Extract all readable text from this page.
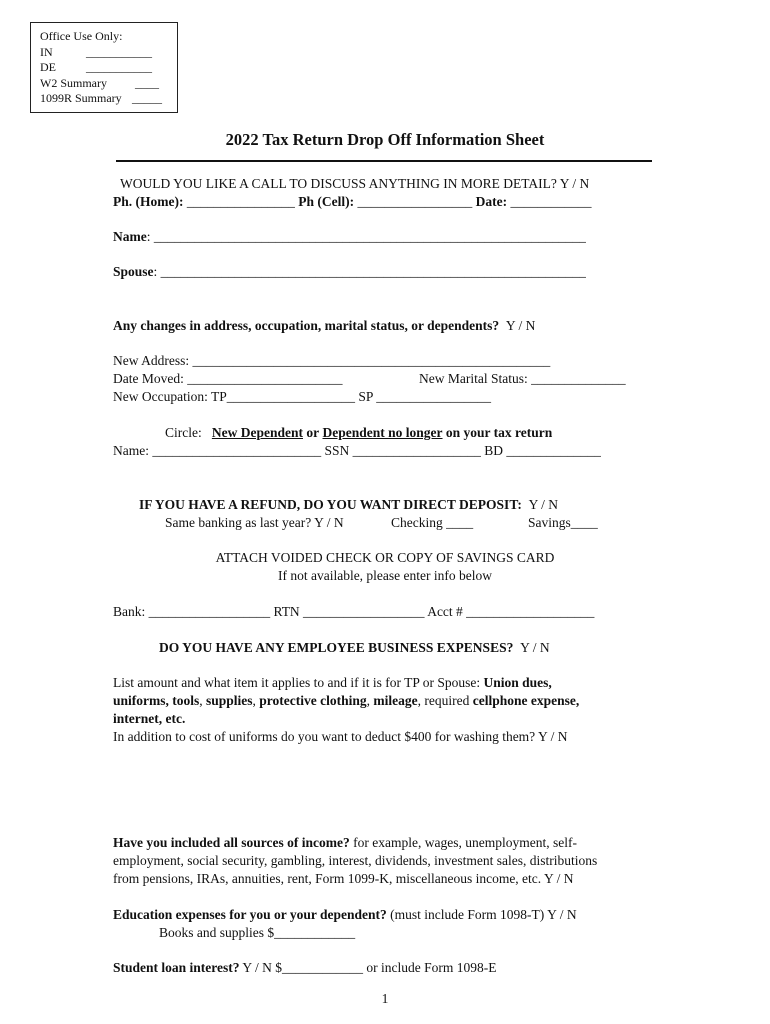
Office Use Only:
IN	___________
DE	___________
W2 Summary ____
1099R Summary _____
2022 Tax Return Drop Off Information Sheet
WOULD YOU LIKE A CALL TO DISCUSS ANYTHING IN MORE DETAIL? Y / N
Ph. (Home): ________________ Ph (Cell): _________________ Date: ____________
Name: ________________________________________________________________
Spouse: _______________________________________________________________
Any changes in address, occupation, marital status, or dependents? Y / N
New Address: _____________________________________________________
Date Moved: _______________________	New Marital Status: ______________
New Occupation: TP___________________ SP _________________
Circle: New Dependent or Dependent no longer on your tax return
Name: _________________________ SSN ___________________ BD ______________
IF YOU HAVE A REFUND, DO YOU WANT DIRECT DEPOSIT: Y / N
Same banking as last year? Y / N	Checking ____	Savings____
ATTACH VOIDED CHECK OR COPY OF SAVINGS CARD
If not available, please enter info below
Bank: __________________ RTN __________________ Acct # ___________________
DO YOU HAVE ANY EMPLOYEE BUSINESS EXPENSES? Y / N
List amount and what item it applies to and if it is for TP or Spouse: Union dues,
uniforms, tools, supplies, protective clothing, mileage, required cellphone expense,
internet, etc.
In addition to cost of uniforms do you want to deduct $400 for washing them? Y / N
Have you included all sources of income? for example, wages, unemployment, self-
employment, social security, gambling, interest, dividends, investment sales, distributions
from pensions, IRAs, annuities, rent, Form 1099-K, miscellaneous income, etc. Y / N
Education expenses for you or your dependent? (must include Form 1098-T) Y / N
Books and supplies $____________
Student loan interest? Y / N $____________ or include Form 1098-E
1
